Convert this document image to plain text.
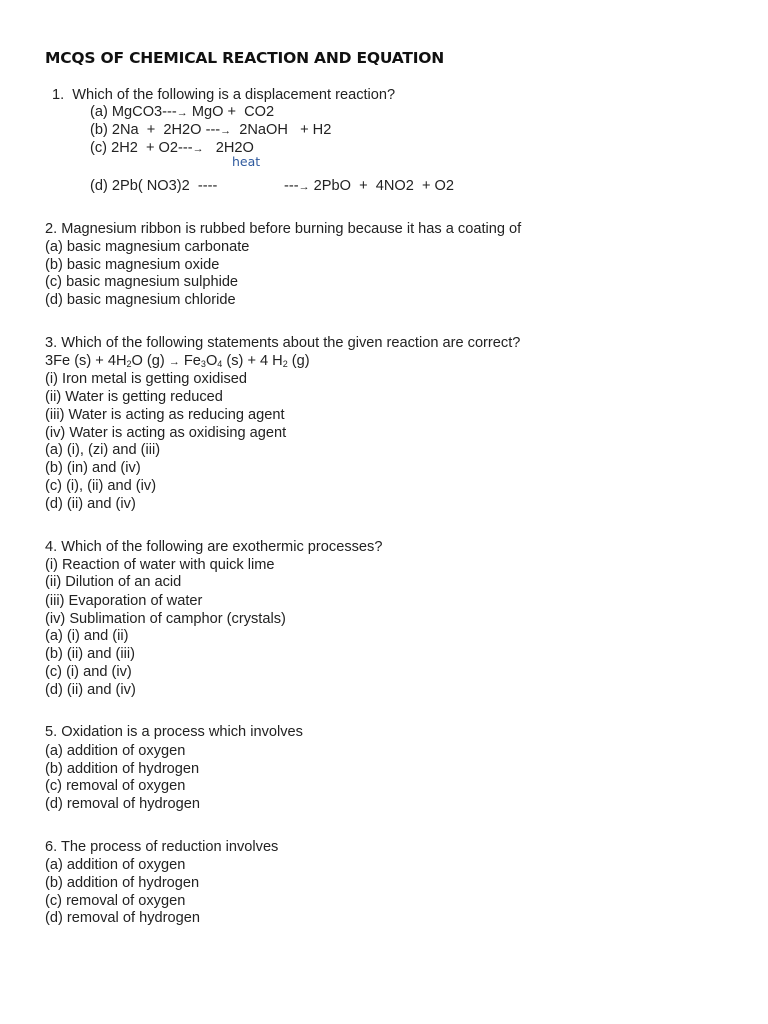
MCQS OF CHEMICAL REACTION AND EQUATION
1.  Which of the following is a displacement reaction?
(a) MgCO3---→ MgO +  CO2
(b) 2Na  +  2H2O ---→  2NaOH   + H2
(c) 2H2  + O2---→   2H2O
heat
(d) 2Pb( NO3)2  ----	---→ 2PbO  +  4NO2  + O2
2. Magnesium ribbon is rubbed before burning because it has a coating of
(a) basic magnesium carbonate
(b) basic magnesium oxide
(c) basic magnesium sulphide
(d) basic magnesium chloride
3. Which of the following statements about the given reaction are correct?
3Fe $(s) + 4H_2O$ $(g) \to Fe_3O_4$ (s) + 4 $H_2$ (g)
(i) Iron metal is getting oxidised
(ii) Water is getting reduced
(iii) Water is acting as reducing agent
(iv) Water is acting as oxidising agent
(a) (i), (zi) and (iii)
(b) (in) and (iv)
(c) (i), (ii) and (iv)
(d) (ii) and (iv)
4. Which of the following are exothermic processes?
(i) Reaction of water with quick lime
(ii) Dilution of an acid
(iii) Evaporation of water
(iv) Sublimation of camphor (crystals)
(a) (i) and (ii)
(b) (ii) and (iii)
(c) (i) and (iv)
(d) (ii) and (iv)
5. Oxidation is a process which involves
(a) addition of oxygen
(b) addition of hydrogen
(c) removal of oxygen
(d) removal of hydrogen
6. The process of reduction involves
(a) addition of oxygen
(b) addition of hydrogen
(c) removal of oxygen
(d) removal of hydrogen
